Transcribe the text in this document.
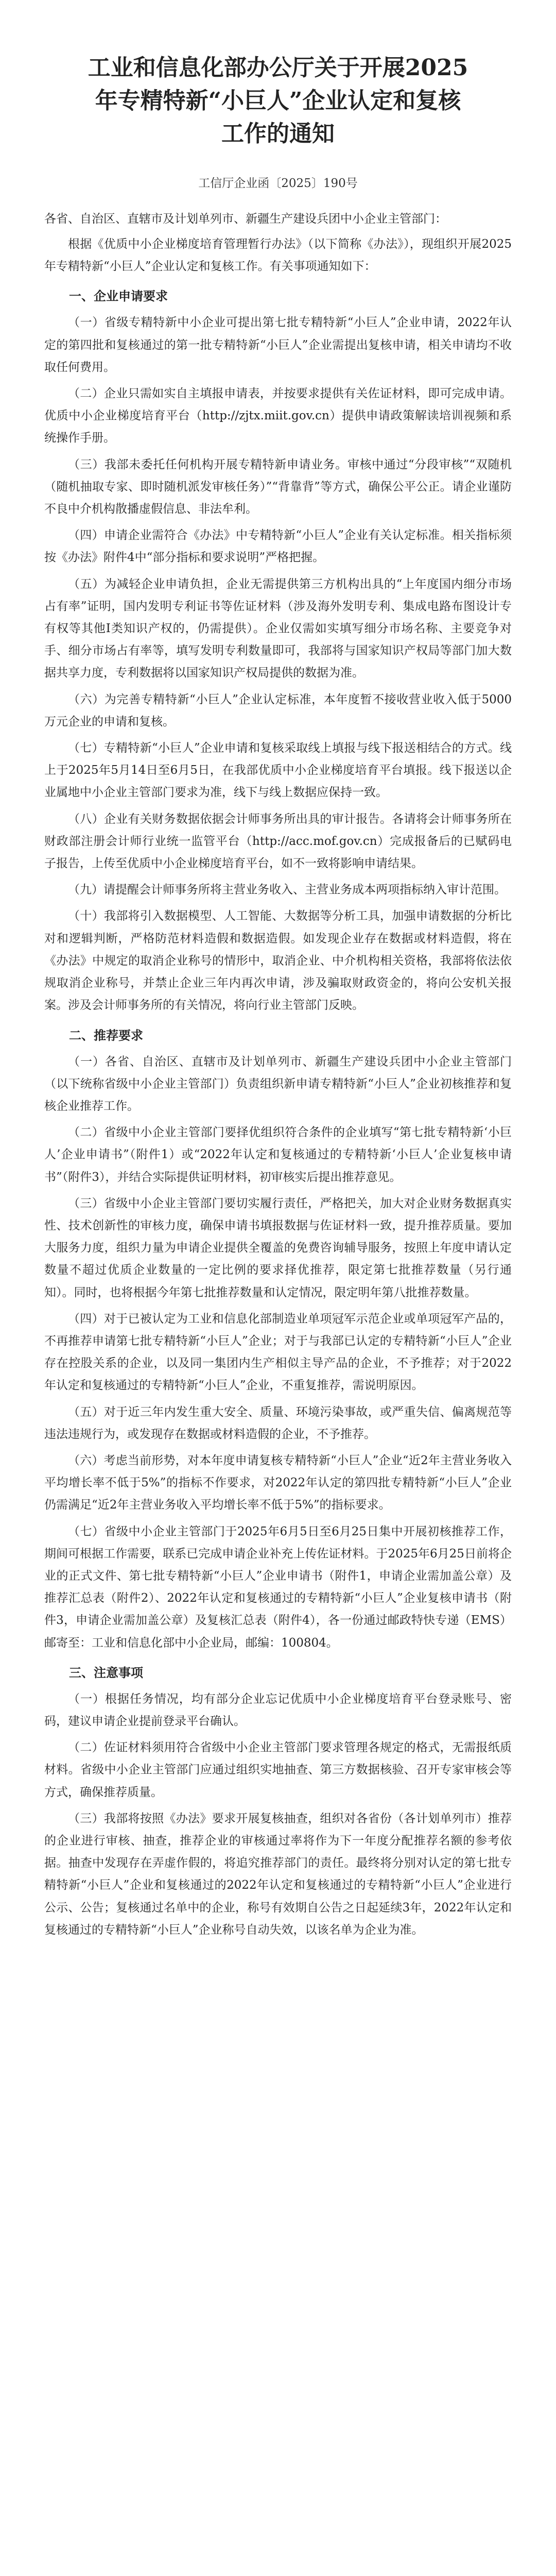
工业和信息化部办公厅关于开展2025
年专精特新“小巨人”企业认定和复核
工作的通知
工信厅企业函〔2025〕190号
各省、自治区、直辖市及计划单列市、新疆生产建设兵团中小企业主管部门：

根据《优质中小企业梯度培育管理暂行办法》（以下简称《办法》），现组织开展2025年专精特新“小巨人”企业认定和复核工作。有关事项通知如下：

一、企业申请要求

（一）省级专精特新中小企业可提出第七批专精特新“小巨人”企业申请，2022年认定的第四批和复核通过的第一批专精特新“小巨人”企业需提出复核申请，相关申请均不收取任何费用。

（二）企业只需如实自主填报申请表，并按要求提供有关佐证材料，即可完成申请。优质中小企业梯度培育平台（http://zjtx.miit.gov.cn）提供申请政策解读培训视频和系统操作手册。

（三）我部未委托任何机构开展专精特新申请业务。审核中通过“分段审核”“双随机（随机抽取专家、即时随机派发审核任务）”“背靠背”等方式，确保公平公正。请企业谨防不良中介机构散播虚假信息、非法牟利。

（四）申请企业需符合《办法》中专精特新“小巨人”企业有关认定标准。相关指标须按《办法》附件4中“部分指标和要求说明”严格把握。

（五）为减轻企业申请负担，企业无需提供第三方机构出具的“上年度国内细分市场占有率”证明，国内发明专利证书等佐证材料（涉及海外发明专利、集成电路布图设计专有权等其他Ⅰ类知识产权的，仍需提供）。企业仅需如实填写细分市场名称、主要竞争对手、细分市场占有率等，填写发明专利数量即可，我部将与国家知识产权局等部门加大数据共享力度，专利数据将以国家知识产权局提供的数据为准。

（六）为完善专精特新“小巨人”企业认定标准，本年度暂不接收营业收入低于5000万元企业的申请和复核。

（七）专精特新“小巨人”企业申请和复核采取线上填报与线下报送相结合的方式。线上于2025年5月14日至6月5日，在我部优质中小企业梯度培育平台填报。线下报送以企业属地中小企业主管部门要求为准，线下与线上数据应保持一致。

（八）企业有关财务数据依据会计师事务所出具的审计报告。各请将会计师事务所在财政部注册会计师行业统一监管平台（http://acc.mof.gov.cn）完成报备后的已赋码电子报告，上传至优质中小企业梯度培育平台，如不一致将影响申请结果。

（九）请提醒会计师事务所将主营业务收入、主营业务成本两项指标纳入审计范围。

（十）我部将引入数据模型、人工智能、大数据等分析工具，加强申请数据的分析比对和逻辑判断，严格防范材料造假和数据造假。如发现企业存在数据或材料造假，将在《办法》中规定的取消企业称号的情形中，取消企业、中介机构相关资格，我部将依法依规取消企业称号，并禁止企业三年内再次申请，涉及骗取财政资金的，将向公安机关报案。涉及会计师事务所的有关情况，将向行业主管部门反映。

二、推荐要求

（一）各省、自治区、直辖市及计划单列市、新疆生产建设兵团中小企业主管部门（以下统称省级中小企业主管部门）负责组织新申请专精特新“小巨人”企业初核推荐和复核企业推荐工作。

（二）省级中小企业主管部门要择优组织符合条件的企业填写“第七批专精特新‘小巨人’企业申请书”（附件1）或“2022年认定和复核通过的专精特新‘小巨人’企业复核申请书”（附件3），并结合实际提供证明材料，初审核实后提出推荐意见。

（三）省级中小企业主管部门要切实履行责任，严格把关，加大对企业财务数据真实性、技术创新性的审核力度，确保申请书填报数据与佐证材料一致，提升推荐质量。要加大服务力度，组织力量为申请企业提供全覆盖的免费咨询辅导服务，按照上年度申请认定数量不超过优质企业数量的一定比例的要求择优推荐，限定第七批推荐数量（另行通知）。同时，也将根据今年第七批推荐数量和认定情况，限定明年第八批推荐数量。

（四）对于已被认定为工业和信息化部制造业单项冠军示范企业或单项冠军产品的，不再推荐申请第七批专精特新“小巨人”企业；对于与我部已认定的专精特新“小巨人”企业存在控股关系的企业，以及同一集团内生产相似主导产品的企业，不予推荐；对于2022年认定和复核通过的专精特新“小巨人”企业，不重复推荐，需说明原因。

（五）对于近三年内发生重大安全、质量、环境污染事故，或严重失信、偏离规范等违法违规行为，或发现存在数据或材料造假的企业，不予推荐。

（六）考虑当前形势，对本年度申请复核专精特新“小巨人”企业“近2年主营业务收入平均增长率不低于5%”的指标不作要求，对2022年认定的第四批专精特新“小巨人”企业仍需满足“近2年主营业务收入平均增长率不低于5%”的指标要求。

（七）省级中小企业主管部门于2025年6月5日至6月25日集中开展初核推荐工作，期间可根据工作需要，联系已完成申请企业补充上传佐证材料。于2025年6月25日前将企业的正式文件、第七批专精特新“小巨人”企业申请书（附件1，申请企业需加盖公章）及推荐汇总表（附件2）、2022年认定和复核通过的专精特新“小巨人”企业复核申请书（附件3，申请企业需加盖公章）及复核汇总表（附件4），各一份通过邮政特快专递（EMS）邮寄至：工业和信息化部中小企业局，邮编：100804。

三、注意事项

（一）根据任务情况，均有部分企业忘记优质中小企业梯度培育平台登录账号、密码，建议申请企业提前登录平台确认。

（二）佐证材料须用符合省级中小企业主管部门要求管理各规定的格式，无需报纸质材料。省级中小企业主管部门应通过组织实地抽查、第三方数据核验、召开专家审核会等方式，确保推荐质量。

（三）我部将按照《办法》要求开展复核抽查，组织对各省份（各计划单列市）推荐的企业进行审核、抽查，推荐企业的审核通过率将作为下一年度分配推荐名额的参考依据。抽查中发现存在弄虚作假的，将追究推荐部门的责任。最终将分别对认定的第七批专精特新“小巨人”企业和复核通过的2022年认定和复核通过的专精特新“小巨人”企业进行公示、公告；复核通过名单中的企业，称号有效期自公告之日起延续3年，2022年认定和复核通过的专精特新“小巨人”企业称号自动失效，以该名单为企业为准。
